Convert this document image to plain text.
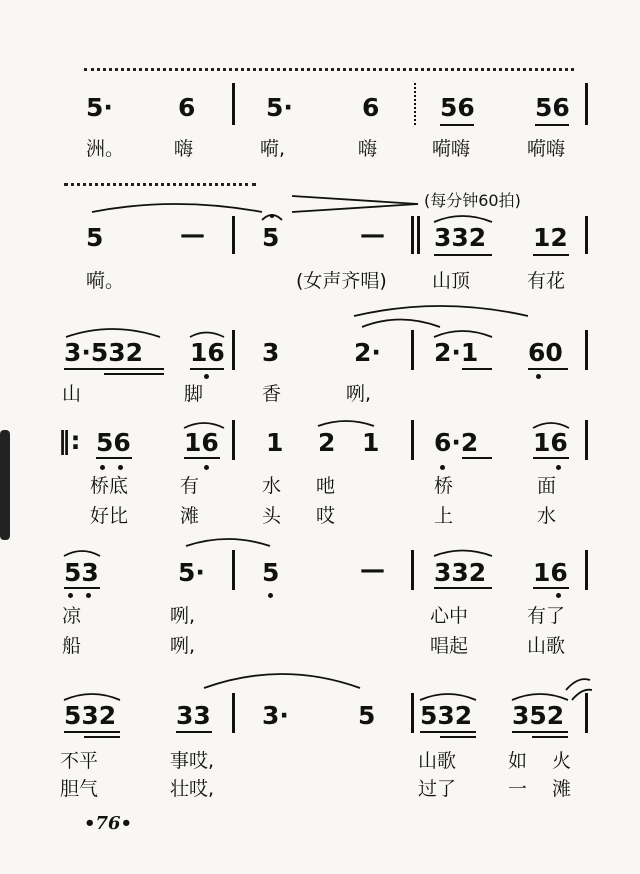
5·	6	5·	6 56 56
洲。	嗨	嗬,	嗨	嗬嗨	嗬嗨
(每分钟60拍)
5	— 5	— 332 12
嗬。	(女声齐唱) 山顶	有花
3·532 16 3	2· 2·1 60
山	脚	香	咧,
‖: 56 16 1 2 1 6·2 16
桥底	有	水 吔	桥	面
好比	滩	头 哎	上	水
53	5· 5	— 332 16
凉	咧,	心中	有了
船	咧,	唱起	山歌
532 33 3·	5 532 352
不平	事哎,	山歌	如 火
胆气	壮哎,	过了	一 滩
•76•
